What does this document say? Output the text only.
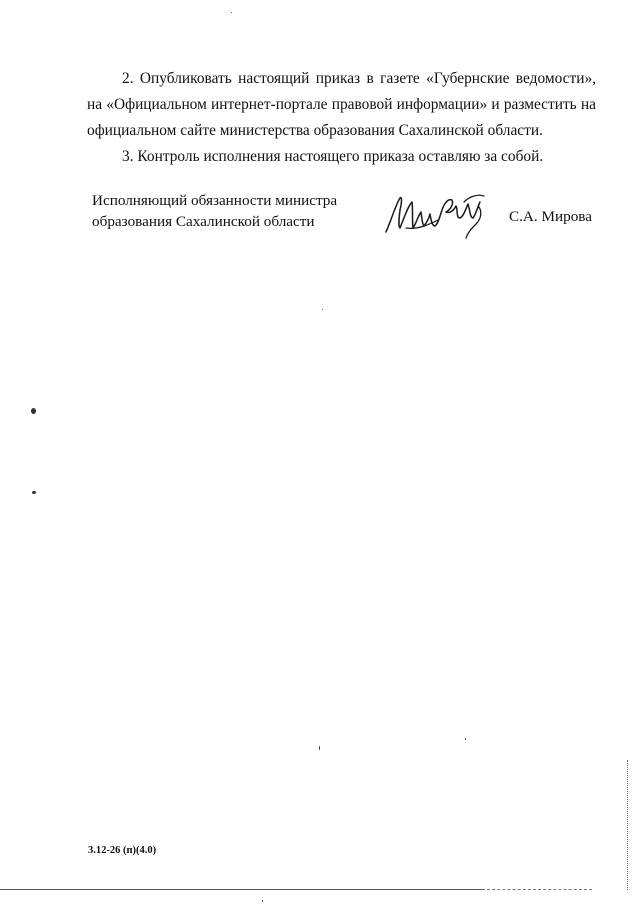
2. Опубликовать настоящий приказ в газете «Губернские ведомости», на «Официальном интернет-портале правовой информации» и разместить на официальном сайте министерства образования Сахалинской области.

3. Контроль исполнения настоящего приказа оставляю за собой.

Исполняющий обязанности министра
образования Сахалинской области	С.А. Мирова
3.12-26 (п)(4.0)
